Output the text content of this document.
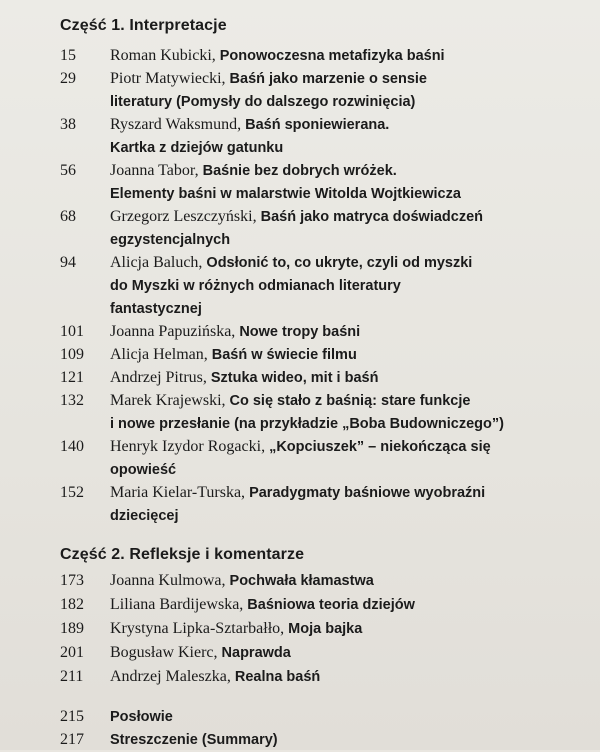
Część 1. Interpretacje
15	Roman Kubicki, Ponowoczesna metafizyka baśni
29	Piotr Matywiecki, Baśń jako marzenie o sensie
literatury (Pomysły do dalszego rozwinięcia)
38	Ryszard Waksmund, Baśń sponiewierana.
Kartka z dziejów gatunku
56	Joanna Tabor, Baśnie bez dobrych wróżek.
Elementy baśni w malarstwie Witolda Wojtkiewicza
68	Grzegorz Leszczyński, Baśń jako matryca doświadczeń
egzystencjalnych
94	Alicja Baluch, Odsłonić to, co ukryte, czyli od myszki
do Myszki w różnych odmianach literatury
fantastycznej
101	Joanna Papuzińska, Nowe tropy baśni
109	Alicja Helman, Baśń w świecie filmu
121	Andrzej Pitrus, Sztuka wideo, mit i baśń
132	Marek Krajewski, Co się stało z baśnią: stare funkcje
i nowe przesłanie (na przykładzie „Boba Budowniczego”)
140	Henryk Izydor Rogacki, „Kopciuszek” – niekończąca się
opowieść
152	Maria Kielar-Turska, Paradygmaty baśniowe wyobraźni
dziecięcej
Część 2. Refleksje i komentarze
173	Joanna Kulmowa, Pochwała kłamastwa
182	Liliana Bardijewska, Baśniowa teoria dziejów
189	Krystyna Lipka-Sztarbałło, Moja bajka
201	Bogusław Kierc, Naprawda
211	Andrzej Maleszka, Realna baśń
215	Posłowie
217	Streszczenie (Summary)
